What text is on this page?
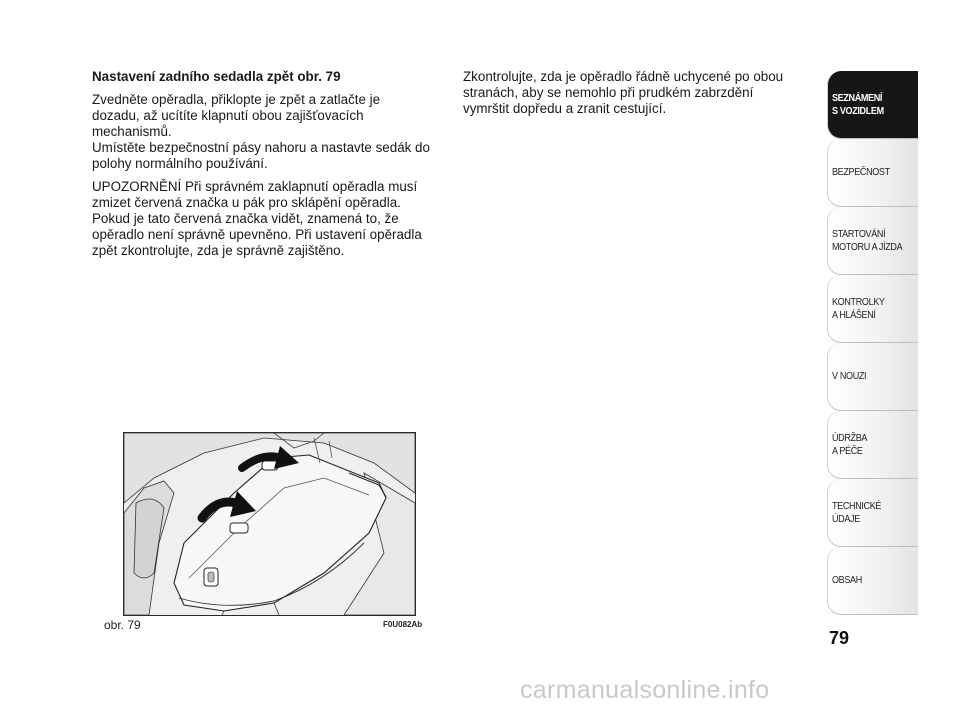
Nastavení zadního sedadla zpět obr. 79

Zvedněte opěradla, přiklopte je zpět a zatlačte je
dozadu, až ucítíte klapnutí obou zajišťovacích
mechanismů.
Umístěte bezpečnostní pásy nahoru a nastavte sedák do
polohy normálního používání.

UPOZORNĚNÍ Při správném zaklapnutí opěradla musí
zmizet červená značka u pák pro sklápění opěradla.
Pokud je tato červená značka vidět, znamená to, že
opěradlo není správně upevněno. Při ustavení opěradla
zpět zkontrolujte, zda je správně zajištěno.

Zkontrolujte, zda je opěradlo řádně uchycené po obou
stranách, aby se nemohlo při prudkém zabrzdění
vymrštit dopředu a zranit cestující.

obr. 79	F0U082Ab
SEZNÁMENÍ
S VOZIDLEM
BEZPEČNOST
STARTOVÁNÍ
MOTORU A JÍZDA
KONTROLKY
A HLÁŠENÍ
V NOUZI
ÚDRŽBA
A PÉČE
TECHNICKÉ
ÚDAJE
OBSAH
79
carmanualsonline.info
